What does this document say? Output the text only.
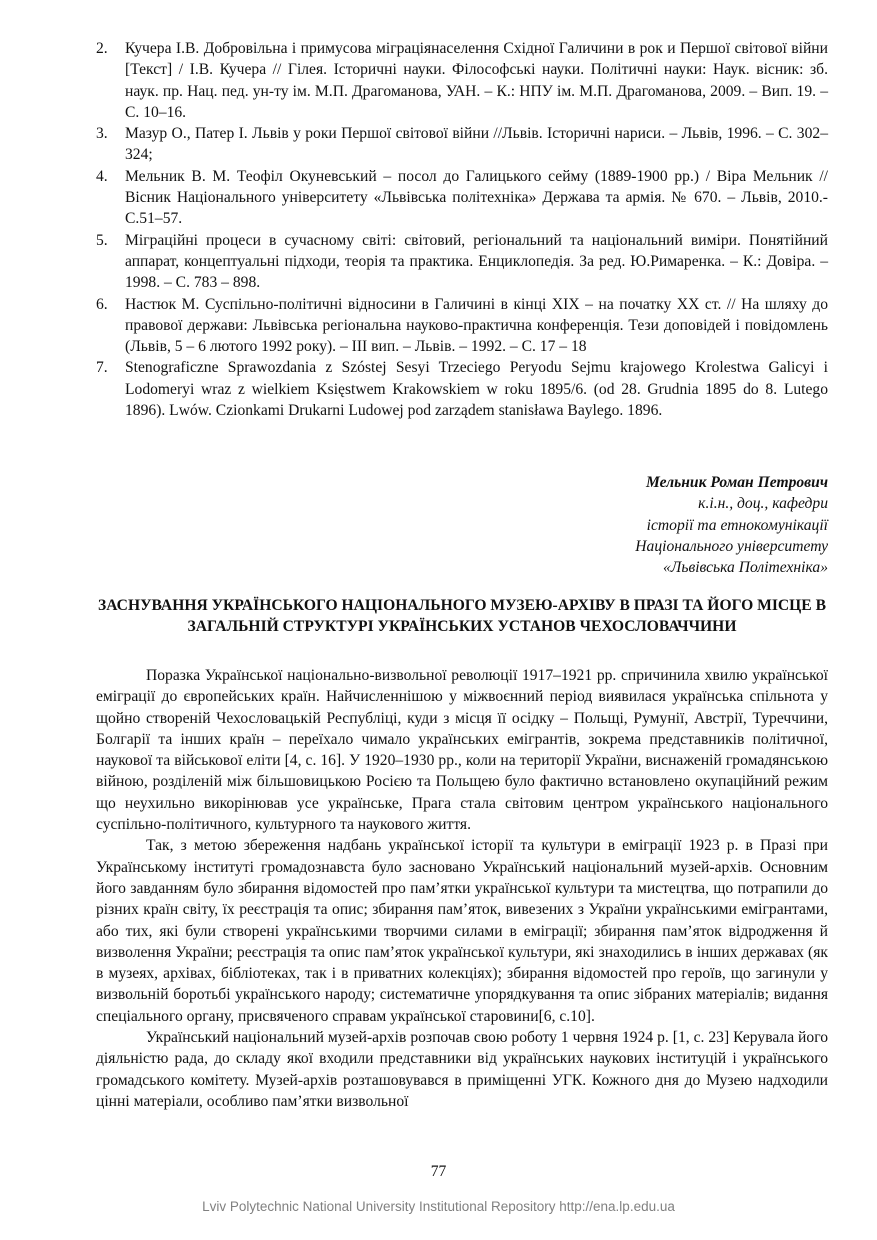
2. Кучера І.В. Добровільна і примусова міграціянаселення Східної Галичини в рок и Першої світової війни [Текст] / І.В. Кучера // Гілея. Історичні науки. Філософські науки. Політичні науки: Наук. вісник: зб. наук. пр. Нац. пед. ун-ту ім. М.П. Драгоманова, УАН. – К.: НПУ ім. М.П. Драгоманова, 2009. – Вип. 19. – С. 10–16.
3. Мазур О., Патер І. Львів у роки Першої світової війни //Львів. Історичні нариси. – Львів, 1996. – С. 302–324;
4. Мельник В. М. Теофіл Окуневський – посол до Галицького сейму (1889-1900 рр.) / Віра Мельник // Вісник Національного університету «Львівська політехніка» Держава та армія. № 670. – Львів, 2010.- С.51–57.
5. Міграційні процеси в сучасному світі: світовий, регіональний та національний виміри. Понятійний аппарат, концептуальні підходи, теорія та практика. Енциклопедія. За ред. Ю.Римаренка. – К.: Довіра. – 1998. – С. 783 – 898.
6. Настюк М. Суспільно-політичні відносини в Галичині в кінці ХІХ – на початку ХХ ст. // На шляху до правової держави: Львівська регіональна науково-практична конференція. Тези доповідей і повідомлень (Львів, 5 – 6 лютого 1992 року). – ІІІ вип. – Львів. – 1992. – С. 17 – 18
7. Stenograficzne Sprawozdania z Szóstej Sesyi Trzeciego Peryodu Sejmu krajowego Krolestwa Galicyi i Lodomeryi wraz z wielkiem Księstwem Krakowskiem w roku 1895/6. (od 28. Grudnia 1895 do 8. Lutego 1896). Lwów. Czionkami Drukarni Ludowej pod zarządem stanisława Baylego. 1896.
Мельник Роман Петрович
к.і.н., доц., кафедри
історії та етнокомунікації
Національного університету
«Львівська Політехніка»
ЗАСНУВАННЯ УКРАЇНСЬКОГО НАЦІОНАЛЬНОГО МУЗЕЮ-АРХІВУ В ПРАЗІ ТА ЙОГО МІСЦЕ В ЗАГАЛЬНІЙ СТРУКТУРІ УКРАЇНСЬКИХ УСТАНОВ ЧЕХОСЛОВАЧЧИНИ

Поразка Української національно-визвольної революції 1917–1921 рр. спричинила хвилю української еміграції до європейських країн. Найчисленнішою у міжвоєнний період виявилася українська спільнота у щойно створеній Чехословацькій Республіці, куди з місця її осідку – Польщі, Румунії, Австрії, Туреччини, Болгарії та інших країн – переїхало чимало українських емігрантів, зокрема представників політичної, наукової та військової еліти [4, с. 16]. У 1920–1930 рр., коли на території України, виснаженій громадянською війною, розділеній між більшовицькою Росією та Польщею було фактично встановлено окупаційний режим що неухильно викорінював усе українське, Прага стала світовим центром українського національного суспільно-політичного, культурного та наукового життя.

Так, з метою збереження надбань української історії та культури в еміграції 1923 р. в Празі при Українському інституті громадознавста було засновано Український національний музей-архів. Основним його завданням було збирання відомостей про пам’ятки української культури та мистецтва, що потрапили до різних країн світу, їх реєстрація та опис; збирання пам’яток, вивезених з України українськими емігрантами, або тих, які були створені українськими творчими силами в еміграції; збирання пам’яток відродження й визволення України; реєстрація та опис пам’яток української культури, які знаходились в інших державах (як в музеях, архівах, бібліотеках, так і в приватних колекціях); збирання відомостей про героїв, що загинули у визвольній боротьбі українського народу; систематичне упорядкування та опис зібраних матеріалів; видання спеціального органу, присвяченого справам української старовини[6, с.10].

Український національний музей-архів розпочав свою роботу 1 червня 1924 р. [1, с. 23] Керувала його діяльністю рада, до складу якої входили представники від українських наукових інституцій і українського громадського комітету. Музей-архів розташовувався в приміщенні УГК. Кожного дня до Музею надходили цінні матеріали, особливо пам’ятки визвольної

77
Lviv Polytechnic National University Institutional Repository http://ena.lp.edu.ua
